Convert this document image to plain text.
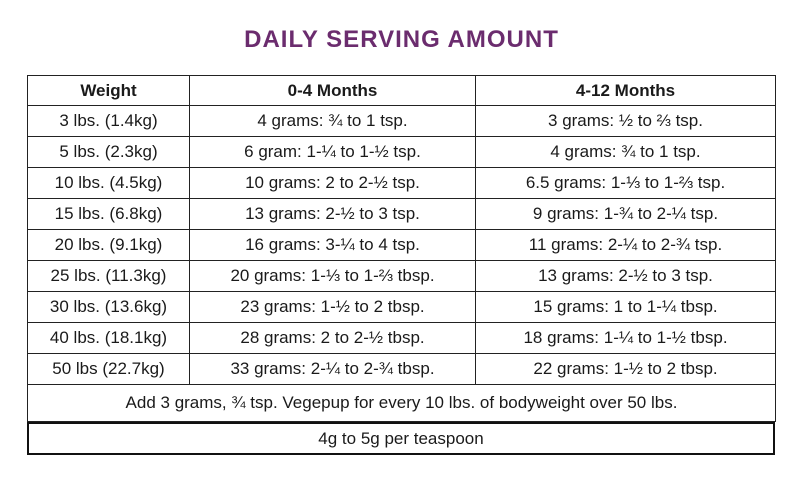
DAILY SERVING AMOUNT
Weight	0-4 Months	4-12 Months
3 lbs. (1.4kg)	4 grams: ¾ to 1 tsp.	3 grams: ½ to ⅔ tsp.
5 lbs. (2.3kg)	6 gram: 1-¼ to 1-½ tsp.	4 grams: ¾ to 1 tsp.
10 lbs. (4.5kg)	10 grams: 2 to 2-½ tsp.	6.5 grams: 1-⅓ to 1-⅔ tsp.
15 lbs. (6.8kg)	13 grams: 2-½ to 3 tsp.	9 grams: 1-¾ to 2-¼ tsp.
20 lbs. (9.1kg)	16 grams: 3-¼ to 4 tsp.	11 grams: 2-¼ to 2-¾ tsp.
25 lbs. (11.3kg)	20 grams: 1-⅓ to 1-⅔ tbsp.	13 grams: 2-½ to 3 tsp.
30 lbs. (13.6kg)	23 grams: 1-½ to 2 tbsp.	15 grams: 1 to 1-¼ tbsp.
40 lbs. (18.1kg)	28 grams: 2 to 2-½ tbsp.	18 grams: 1-¼ to 1-½ tbsp.
50 lbs (22.7kg)	33 grams: 2-¼ to 2-¾ tbsp.	22 grams: 1-½ to 2 tbsp.
Add 3 grams, ¾ tsp. Vegepup for every 10 lbs. of bodyweight over 50 lbs.		
4g to 5g per teaspoon
